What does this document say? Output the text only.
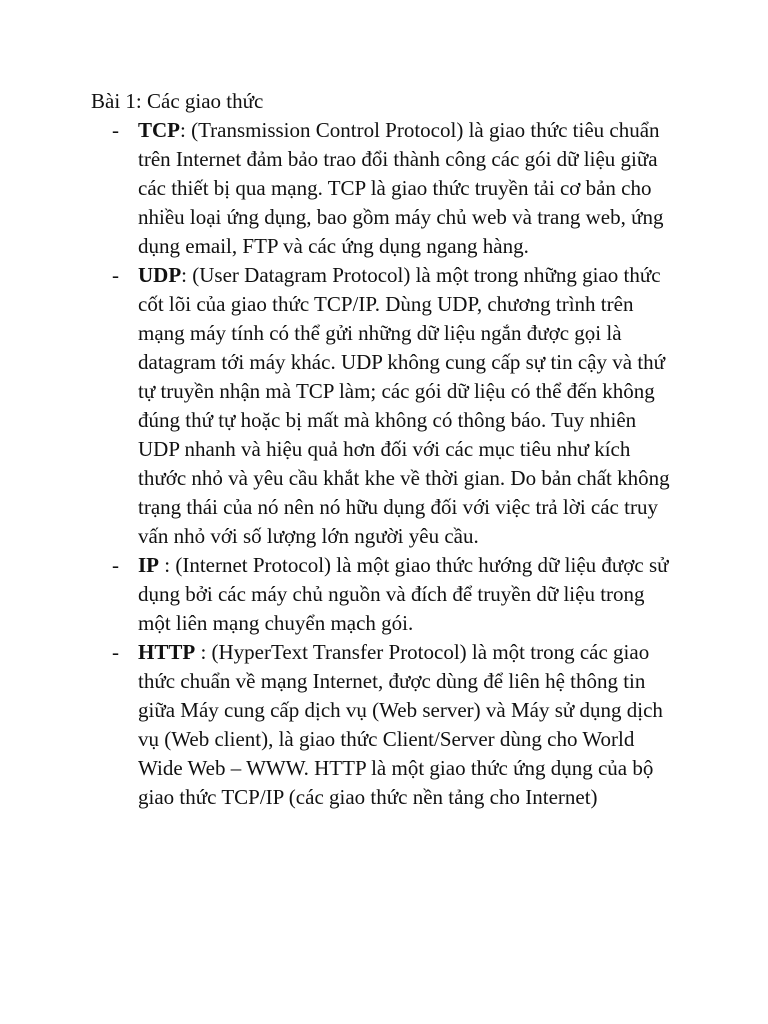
Bài 1: Các giao thức
- TCP: (Transmission Control Protocol) là giao thức tiêu chuẩn trên Internet đảm bảo trao đổi thành công các gói dữ liệu giữa các thiết bị qua mạng. TCP là giao thức truyền tải cơ bản cho nhiều loại ứng dụng, bao gồm máy chủ web và trang web, ứng dụng email, FTP và các ứng dụng ngang hàng.
- UDP: (User Datagram Protocol) là một trong những giao thức cốt lõi của giao thức TCP/IP. Dùng UDP, chương trình trên mạng máy tính có thể gửi những dữ liệu ngắn được gọi là datagram tới máy khác. UDP không cung cấp sự tin cậy và thứ tự truyền nhận mà TCP làm; các gói dữ liệu có thể đến không đúng thứ tự hoặc bị mất mà không có thông báo. Tuy nhiên UDP nhanh và hiệu quả hơn đối với các mục tiêu như kích thước nhỏ và yêu cầu khắt khe về thời gian. Do bản chất không trạng thái của nó nên nó hữu dụng đối với việc trả lời các truy vấn nhỏ với số lượng lớn người yêu cầu.
- IP : (Internet Protocol) là một giao thức hướng dữ liệu được sử dụng bởi các máy chủ nguồn và đích để truyền dữ liệu trong một liên mạng chuyển mạch gói.
- HTTP : (HyperText Transfer Protocol) là một trong các giao thức chuẩn về mạng Internet, được dùng để liên hệ thông tin giữa Máy cung cấp dịch vụ (Web server) và Máy sử dụng dịch vụ (Web client), là giao thức Client/Server dùng cho World Wide Web – WWW. HTTP là một giao thức ứng dụng của bộ giao thức TCP/IP (các giao thức nền tảng cho Internet)
